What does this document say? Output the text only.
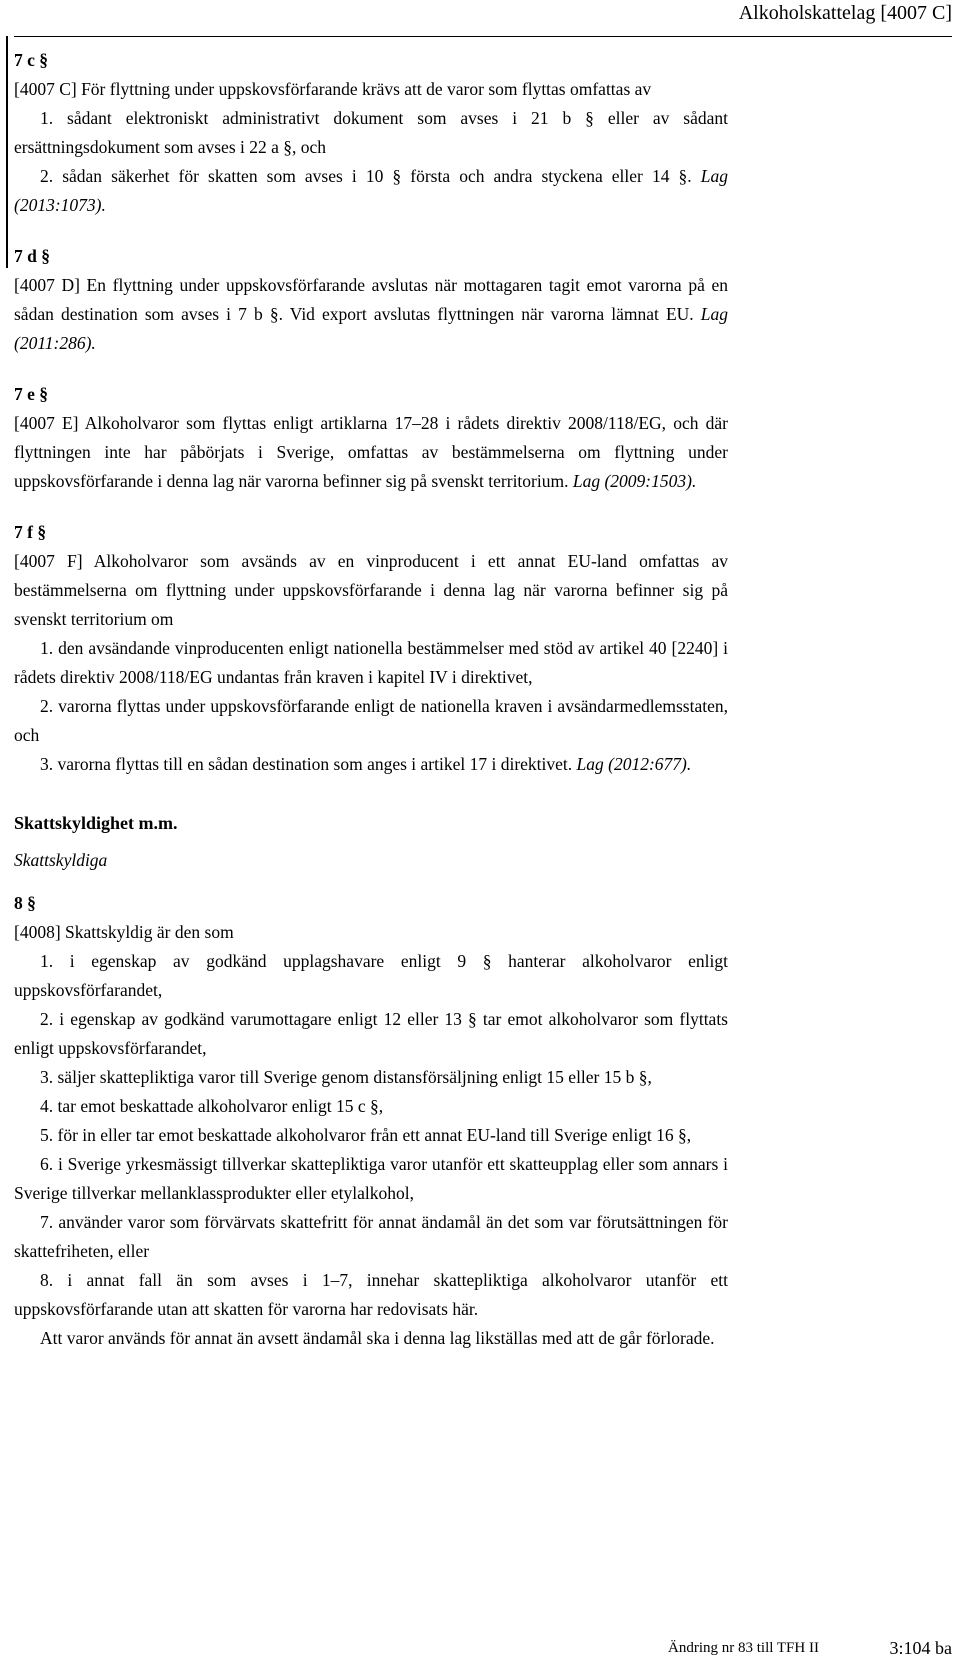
Alkoholskattelag [4007 C]
7 c §

[4007 C] För flyttning under uppskovsförfarande krävs att de varor som flyttas omfattas av

1. sådant elektroniskt administrativt dokument som avses i 21 b § eller av sådant ersättningsdokument som avses i 22 a §, och

2. sådan säkerhet för skatten som avses i 10 § första och andra styckena eller 14 §. Lag (2013:1073).

7 d §

[4007 D] En flyttning under uppskovsförfarande avslutas när mottagaren tagit emot varorna på en sådan destination som avses i 7 b §. Vid export avslutas flyttningen när varorna lämnat EU. Lag (2011:286).

7 e §

[4007 E] Alkoholvaror som flyttas enligt artiklarna 17–28 i rådets direktiv 2008/118/EG, och där flyttningen inte har påbörjats i Sverige, omfattas av bestämmelserna om flyttning under uppskovsförfarande i denna lag när varorna befinner sig på svenskt territorium. Lag (2009:1503).

7 f §

[4007 F] Alkoholvaror som avsänds av en vinproducent i ett annat EU-land omfattas av bestämmelserna om flyttning under uppskovsförfarande i denna lag när varorna befinner sig på svenskt territorium om

1. den avsändande vinproducenten enligt nationella bestämmelser med stöd av artikel 40 [2240] i rådets direktiv 2008/118/EG undantas från kraven i kapitel IV i direktivet,

2. varorna flyttas under uppskovsförfarande enligt de nationella kraven i avsändarmedlemsstaten, och

3. varorna flyttas till en sådan destination som anges i artikel 17 i direktivet. Lag (2012:677).

Skattskyldighet m.m.
Skattskyldiga
8 §

[4008] Skattskyldig är den som

1. i egenskap av godkänd upplagshavare enligt 9 § hanterar alkoholvaror enligt uppskovsförfarandet,

2. i egenskap av godkänd varumottagare enligt 12 eller 13 § tar emot alkoholvaror som flyttats enligt uppskovsförfarandet,

3. säljer skattepliktiga varor till Sverige genom distansförsäljning enligt 15 eller 15 b §,

4. tar emot beskattade alkoholvaror enligt 15 c §,

5. för in eller tar emot beskattade alkoholvaror från ett annat EU-land till Sverige enligt 16 §,

6. i Sverige yrkesmässigt tillverkar skattepliktiga varor utanför ett skatteupplag eller som annars i Sverige tillverkar mellanklassprodukter eller etylalkohol,

7. använder varor som förvärvats skattefritt för annat ändamål än det som var förutsättningen för skattefriheten, eller

8. i annat fall än som avses i 1–7, innehar skattepliktiga alkoholvaror utanför ett uppskovsförfarande utan att skatten för varorna har redovisats här.

Att varor används för annat än avsett ändamål ska i denna lag likställas med att de går förlorade.

Ändring nr 83 till TFH II	3:104 ba
